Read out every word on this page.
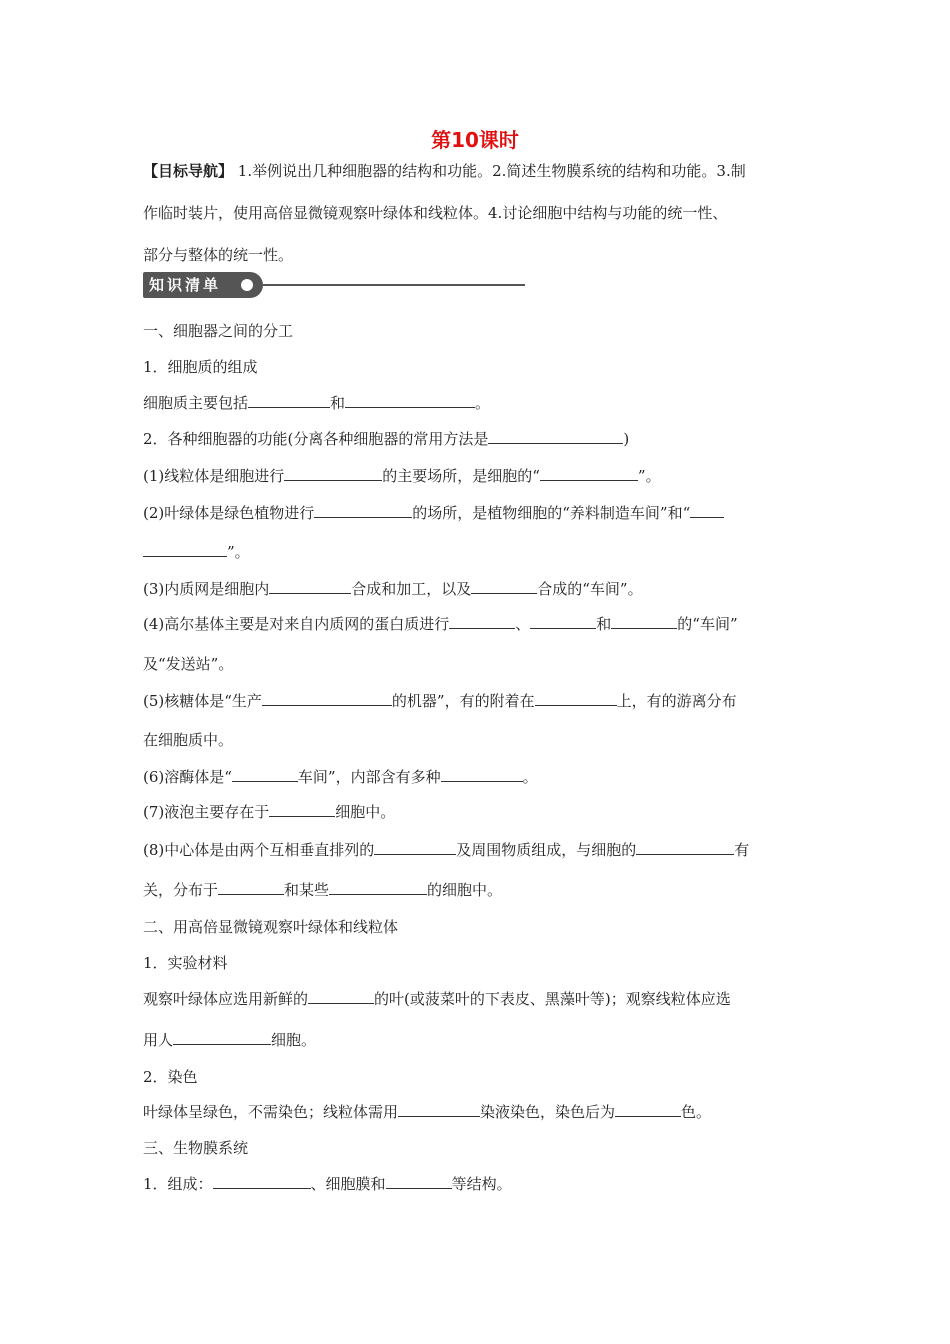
第10课时
【目标导航】 1.举例说出几种细胞器的结构和功能。2.简述生物膜系统的结构和功能。3.制
作临时装片，使用高倍显微镜观察叶绿体和线粒体。4.讨论细胞中结构与功能的统一性、
部分与整体的统一性。
知识清单
一、细胞器之间的分工
1．细胞质的组成
细胞质主要包括	和	。
2．各种细胞器的功能(分离各种细胞器的常用方法是	)
(1)线粒体是细胞进行	的主要场所，是细胞的“	”。
(2)叶绿体是绿色植物进行	的场所，是植物细胞的“养料制造车间”和“
”。
(3)内质网是细胞内	合成和加工，以及	合成的“车间”。
(4)高尔基体主要是对来自内质网的蛋白质进行	、	和	的“车间”
及“发送站”。
(5)核糖体是“生产	的机器”，有的附着在	上，有的游离分布
在细胞质中。
(6)溶酶体是“	车间”，内部含有多种	。
(7)液泡主要存在于	细胞中。
(8)中心体是由两个互相垂直排列的	及周围物质组成，与细胞的	有
关，分布于	和某些	的细胞中。
二、用高倍显微镜观察叶绿体和线粒体
1．实验材料
观察叶绿体应选用新鲜的	的叶(或菠菜叶的下表皮、黑藻叶等)；观察线粒体应选
用人	细胞。
2．染色
叶绿体呈绿色，不需染色；线粒体需用	染液染色，染色后为	色。
三、生物膜系统
1．组成：	、细胞膜和	等结构。
